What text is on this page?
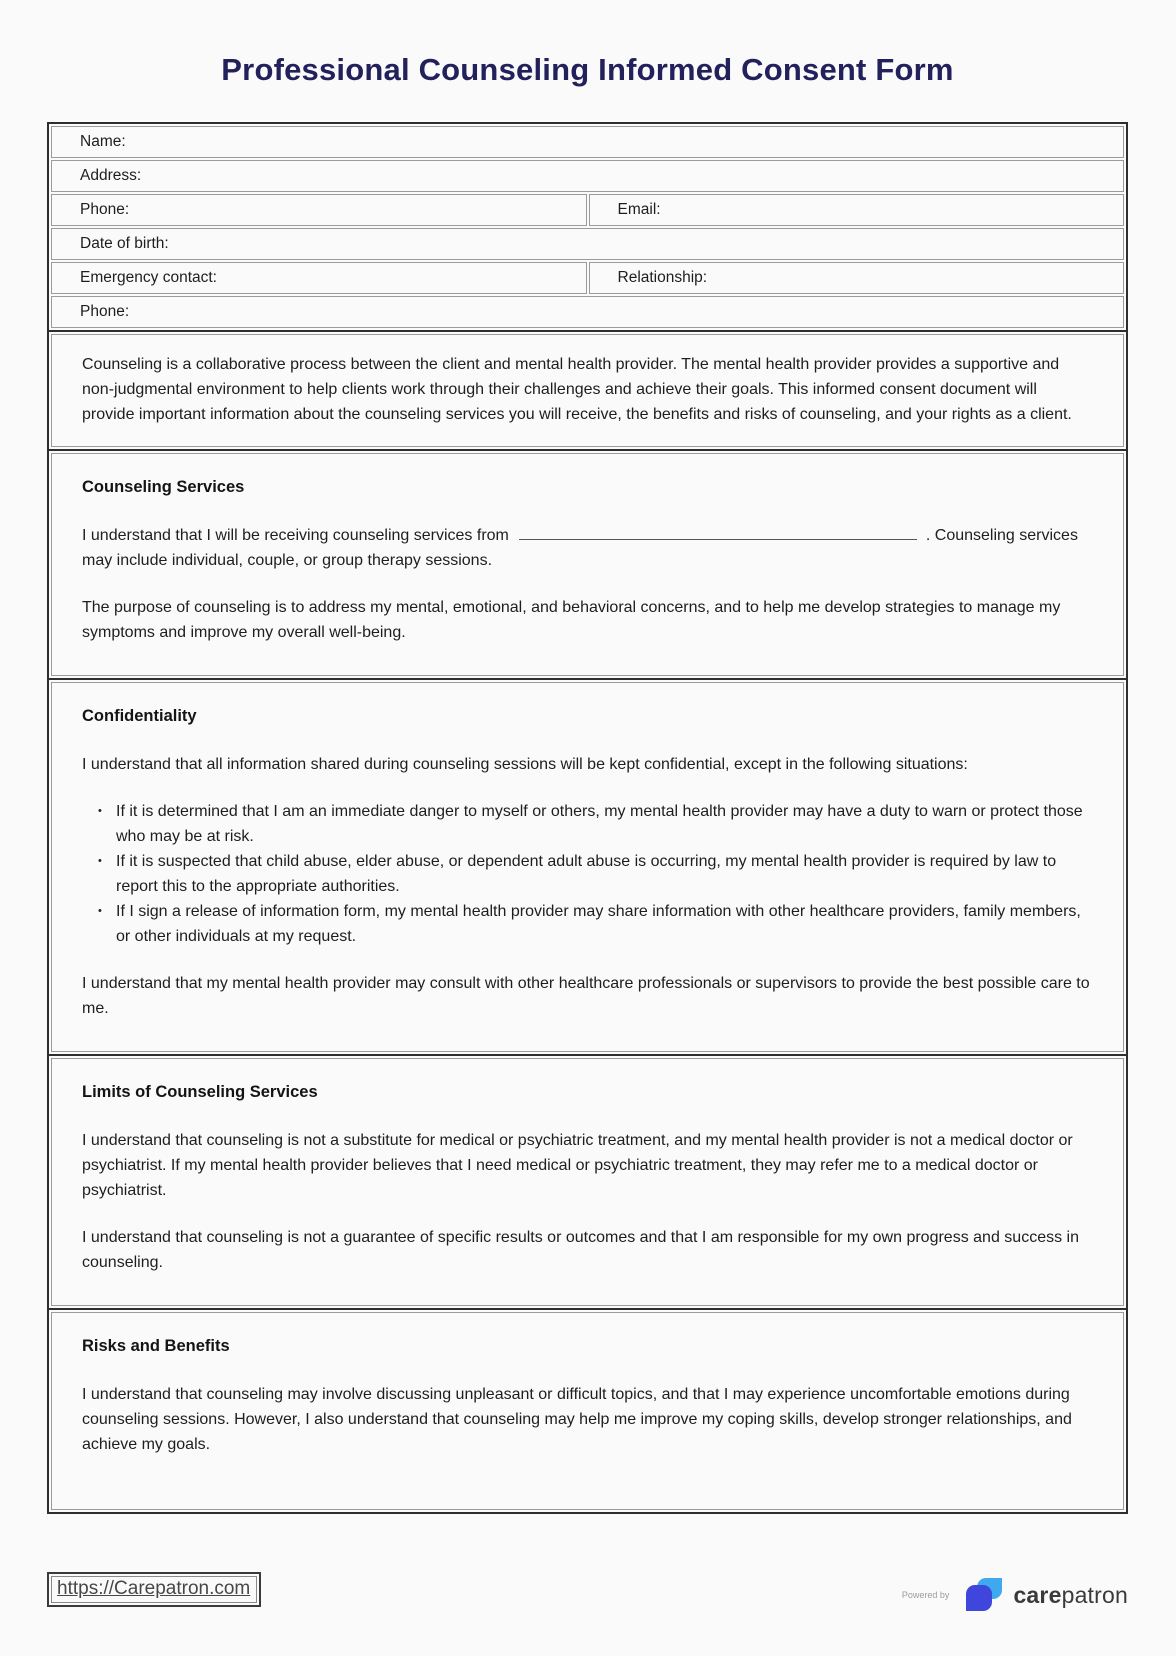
Professional Counseling Informed Consent Form
Name:	
Address:	
Phone:	Email:
Date of birth:	
Emergency contact:	Relationship:
Phone:	

Counseling is a collaborative process between the client and mental health provider. The mental health provider provides a supportive and non-judgmental environment to help clients work through their challenges and achieve their goals. This informed consent document will provide important information about the counseling services you will receive, the benefits and risks of counseling, and your rights as a client.

Counseling Services

I understand that I will be receiving counseling services from	. Counseling services may include individual, couple, or group therapy sessions.

The purpose of counseling is to address my mental, emotional, and behavioral concerns, and to help me develop strategies to manage my symptoms and improve my overall well-being.

Confidentiality

I understand that all information shared during counseling sessions will be kept confidential, except in the following situations:

• If it is determined that I am an immediate danger to myself or others, my mental health provider may have a duty to warn or protect those who may be at risk.
• If it is suspected that child abuse, elder abuse, or dependent adult abuse is occurring, my mental health provider is required by law to report this to the appropriate authorities.
• If I sign a release of information form, my mental health provider may share information with other healthcare providers, family members, or other individuals at my request.

I understand that my mental health provider may consult with other healthcare professionals or supervisors to provide the best possible care to me.

Limits of Counseling Services

I understand that counseling is not a substitute for medical or psychiatric treatment, and my mental health provider is not a medical doctor or psychiatrist. If my mental health provider believes that I need medical or psychiatric treatment, they may refer me to a medical doctor or psychiatrist.

I understand that counseling is not a guarantee of specific results or outcomes and that I am responsible for my own progress and success in counseling.

Risks and Benefits

I understand that counseling may involve discussing unpleasant or difficult topics, and that I may experience uncomfortable emotions during counseling sessions. However, I also understand that counseling may help me improve my coping skills, develop stronger relationships, and achieve my goals.

https://Carepatron.com	Powered by	carepatron
